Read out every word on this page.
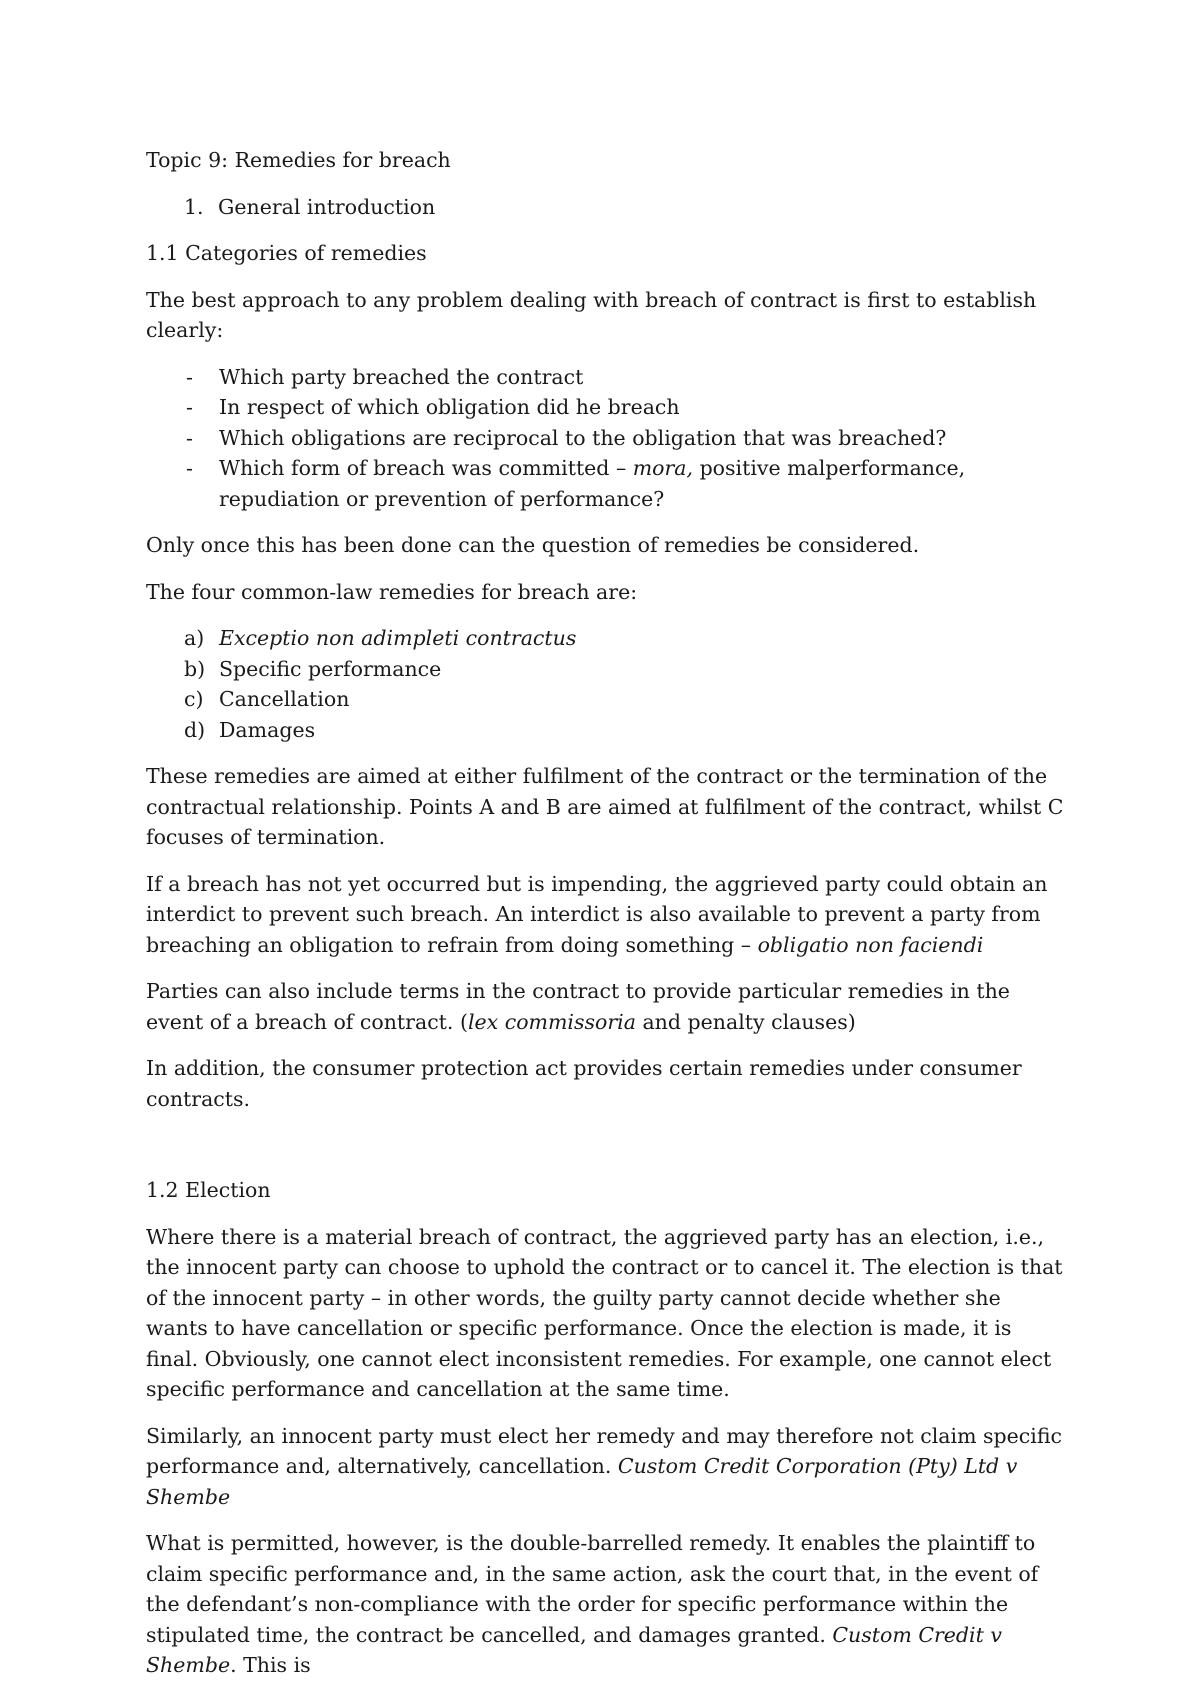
Topic 9: Remedies for breach

1. General introduction

1.1 Categories of remedies

The best approach to any problem dealing with breach of contract is first to establish clearly:

-	Which party breached the contract
-	In respect of which obligation did he breach
-	Which obligations are reciprocal to the obligation that was breached?
-	Which form of breach was committed – mora, positive malperformance, repudiation or prevention of performance?

Only once this has been done can the question of remedies be considered.

The four common-law remedies for breach are:

a) Exceptio non adimpleti contractus
b) Specific performance
c) Cancellation
d) Damages

These remedies are aimed at either fulfilment of the contract or the termination of the contractual relationship. Points A and B are aimed at fulfilment of the contract, whilst C focuses of termination.

If a breach has not yet occurred but is impending, the aggrieved party could obtain an interdict to prevent such breach. An interdict is also available to prevent a party from breaching an obligation to refrain from doing something – obligatio non faciendi

Parties can also include terms in the contract to provide particular remedies in the event of a breach of contract. (lex commissoria and penalty clauses)

In addition, the consumer protection act provides certain remedies under consumer contracts.

1.2 Election

Where there is a material breach of contract, the aggrieved party has an election, i.e., the innocent party can choose to uphold the contract or to cancel it. The election is that of the innocent party – in other words, the guilty party cannot decide whether she wants to have cancellation or specific performance. Once the election is made, it is final. Obviously, one cannot elect inconsistent remedies. For example, one cannot elect specific performance and cancellation at the same time.

Similarly, an innocent party must elect her remedy and may therefore not claim specific performance and, alternatively, cancellation. Custom Credit Corporation (Pty) Ltd v Shembe

What is permitted, however, is the double-barrelled remedy. It enables the plaintiff to claim specific performance and, in the same action, ask the court that, in the event of the defendant’s non-compliance with the order for specific performance within the stipulated time, the contract be cancelled, and damages granted. Custom Credit v Shembe. This is
